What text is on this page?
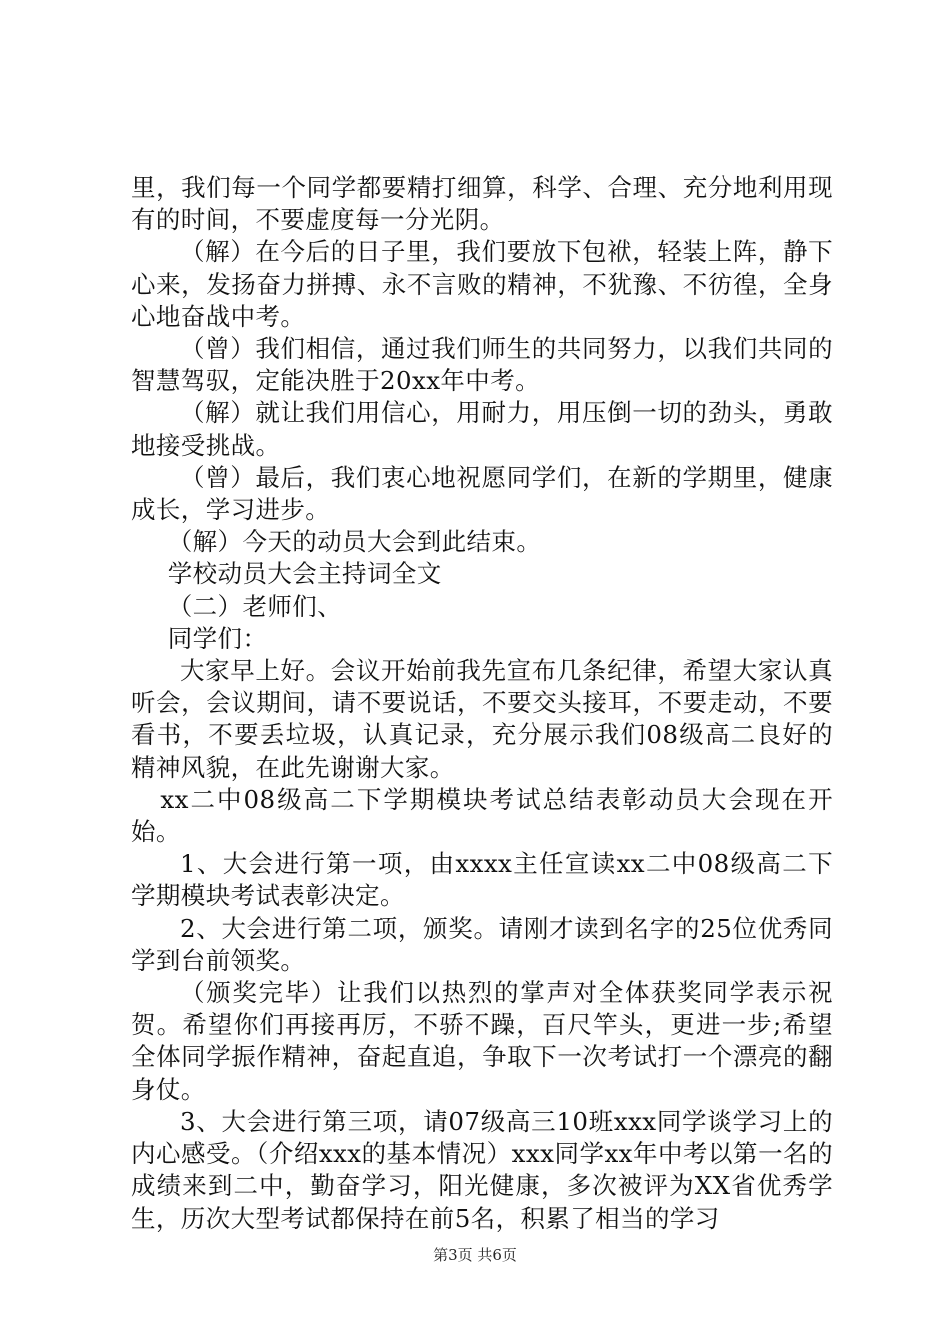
里，我们每一个同学都要精打细算，科学、合理、充分地利用现有的时间，不要虚度每一分光阴。

（解）在今后的日子里，我们要放下包袱，轻装上阵，静下心来，发扬奋力拼搏、永不言败的精神，不犹豫、不彷徨，全身心地奋战中考。

（曾）我们相信，通过我们师生的共同努力，以我们共同的智慧驾驭，定能决胜于20xx年中考。

（解）就让我们用信心，用耐力，用压倒一切的劲头，勇敢地接受挑战。

（曾）最后，我们衷心地祝愿同学们，在新的学期里，健康成长，学习进步。

（解）今天的动员大会到此结束。

学校动员大会主持词全文

（二）老师们、

同学们：

大家早上好。会议开始前我先宣布几条纪律，希望大家认真听会，会议期间，请不要说话，不要交头接耳，不要走动，不要看书，不要丢垃圾，认真记录，充分展示我们08级高二良好的精神风貌，在此先谢谢大家。

xx二中08级高二下学期模块考试总结表彰动员大会现在开始。

1、大会进行第一项，由xxxx主任宣读xx二中08级高二下学期模块考试表彰决定。

2、大会进行第二项，颁奖。请刚才读到名字的25位优秀同学到台前领奖。

（颁奖完毕）让我们以热烈的掌声对全体获奖同学表示祝贺。希望你们再接再厉，不骄不躁，百尺竿头，更进一步;希望全体同学振作精神，奋起直追，争取下一次考试打一个漂亮的翻身仗。

3、大会进行第三项，请07级高三10班xxx同学谈学习上的内心感受。（介绍xxx的基本情况）xxx同学xx年中考以第一名的成绩来到二中，勤奋学习，阳光健康，多次被评为XX省优秀学生，历次大型考试都保持在前5名，积累了相当的学习

第3页 共6页
